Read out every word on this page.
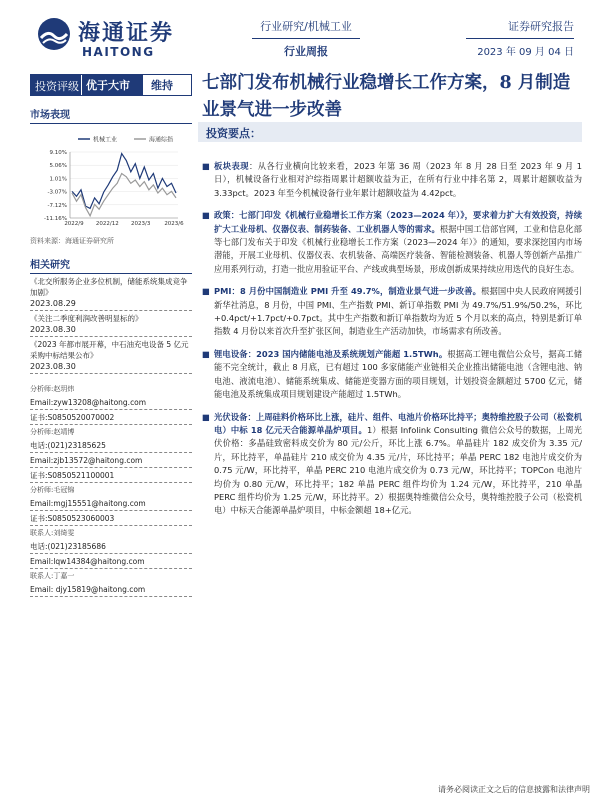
海通证券
HAITONG
行业研究/机械工业
行业周报
证券研究报告
2023 年 09 月 04 日
投资评级 优于大市	维持
市场表现
机械工业	海通综指
9.10%
5.06%
1.01%
-3.07%
-7.12%
-11.16%
2022/9 2022/12 2023/3	2023/6
资料来源：海通证券研究所
相关研究
《北交所服务企业多位机制，储能系统集成竞争加剧》
2023.08.29
《关注二季度利润改善明显标的》
2023.08.30
《2023 年都市展开幕，中石油充电设备 5 亿元采购中标结果公布》
2023.08.30
分析师:赵玥炜
Email:zyw13208@haitong.com
证书:S0850520070002
分析师:赵靖博
电话:(021)23185625
Email:zjb13572@haitong.com
证书:S0850521100001
分析师:毛冠锦
Email:mgj15551@haitong.com
证书:S0850523060003
联系人:刘绮雯
电话:(021)23185686
Email:lqw14384@haitong.com
联系人:丁嘉一
Email: djy15819@haitong.com
七部门发布机械行业稳增长工作方案，8 月制造业景气进一步改善
投资要点：
■ 板块表现：从各行业横向比较来看，2023 年第 36 周（2023 年 8 月 28 日至 2023 年 9 月 1 日），机械设备行业相对沪综指周累计超额收益为正，在所有行业中排名第 2，周累计超额收益为 3.33pct。2023 年至今机械设备行业年累计超额收益为 4.42pct。
■ 政策：七部门印发《机械行业稳增长工作方案（2023—2024 年）》，要求着力扩大有效投资，持续扩大工业母机、仪器仪表、制药装备、工业机器人等的需求。根据中国工信部官网，工业和信息化部等七部门发布关于印发《机械行业稳增长工作方案（2023—2024 年）》的通知，要求深挖国内市场潜能，开展工业母机、仪器仪表、农机装备、高端医疗装备、智能检测装备、机器人等创新产品推广应用系列行动，打造一批应用验证平台、产线或典型场景，形成创新成果持续应用迭代的良好生态。
■ PMI：8 月份中国制造业 PMI 升至 49.7%，制造业景气进一步改善。根据国中央人民政府网援引新华社消息，8 月份，中国 PMI、生产指数 PMI、新订单指数 PMI 为 49.7%/51.9%/50.2%，环比+0.4pct/+1.7pct/+0.7pct。其中生产指数和新订单指数均为近 5 个月以来的高点，特别是新订单指数 4 月份以来首次升至扩张区间，制造业生产活动加快，市场需求有所改善。
■ 锂电设备：2023 国内储能电池及系统规划产能超 1.5TWh。根据高工锂电微信公众号，据高工储能不完全统计，截止 8 月底，已有超过 100 多家储能产业链相关企业推出储能电池（含锂电池、钠电池、液流电池）、储能系统集成、储能逆变器方面的项目规划，计划投资金额超过 5700 亿元，储能电池及系统集成项目规划建设产能超过 1.5TWh。
■ 光伏设备：上周硅料价格环比上涨，硅片、组件、电池片价格环比持平；奥特维控股子公司（松瓷机电）中标 18 亿元天合能源单晶炉项目。1）根据 Infolink Consulting 微信公众号的数据，上周光伏价格：多晶硅致密料成交价为 80 元/公斤，环比上涨 6.7%。单晶硅片 182 成交价为 3.35 元/片，环比持平，单晶硅片 210 成交价为 4.35 元/片，环比持平；单晶 PERC 182 电池片成交价为 0.75 元/W，环比持平，单晶 PERC 210 电池片成交价为 0.73 元/W，环比持平；TOPCon 电池片均价为 0.80 元/W，环比持平；182 单晶 PERC 组件均价为 1.24 元/W，环比持平，210 单晶 PERC 组件均价为 1.25 元/W，环比持平。2）根据奥特维微信公众号，奥特维控股子公司（松瓷机电）中标天合能源单晶炉项目，中标金额超 18+亿元。
请务必阅读正文之后的信息披露和法律声明
